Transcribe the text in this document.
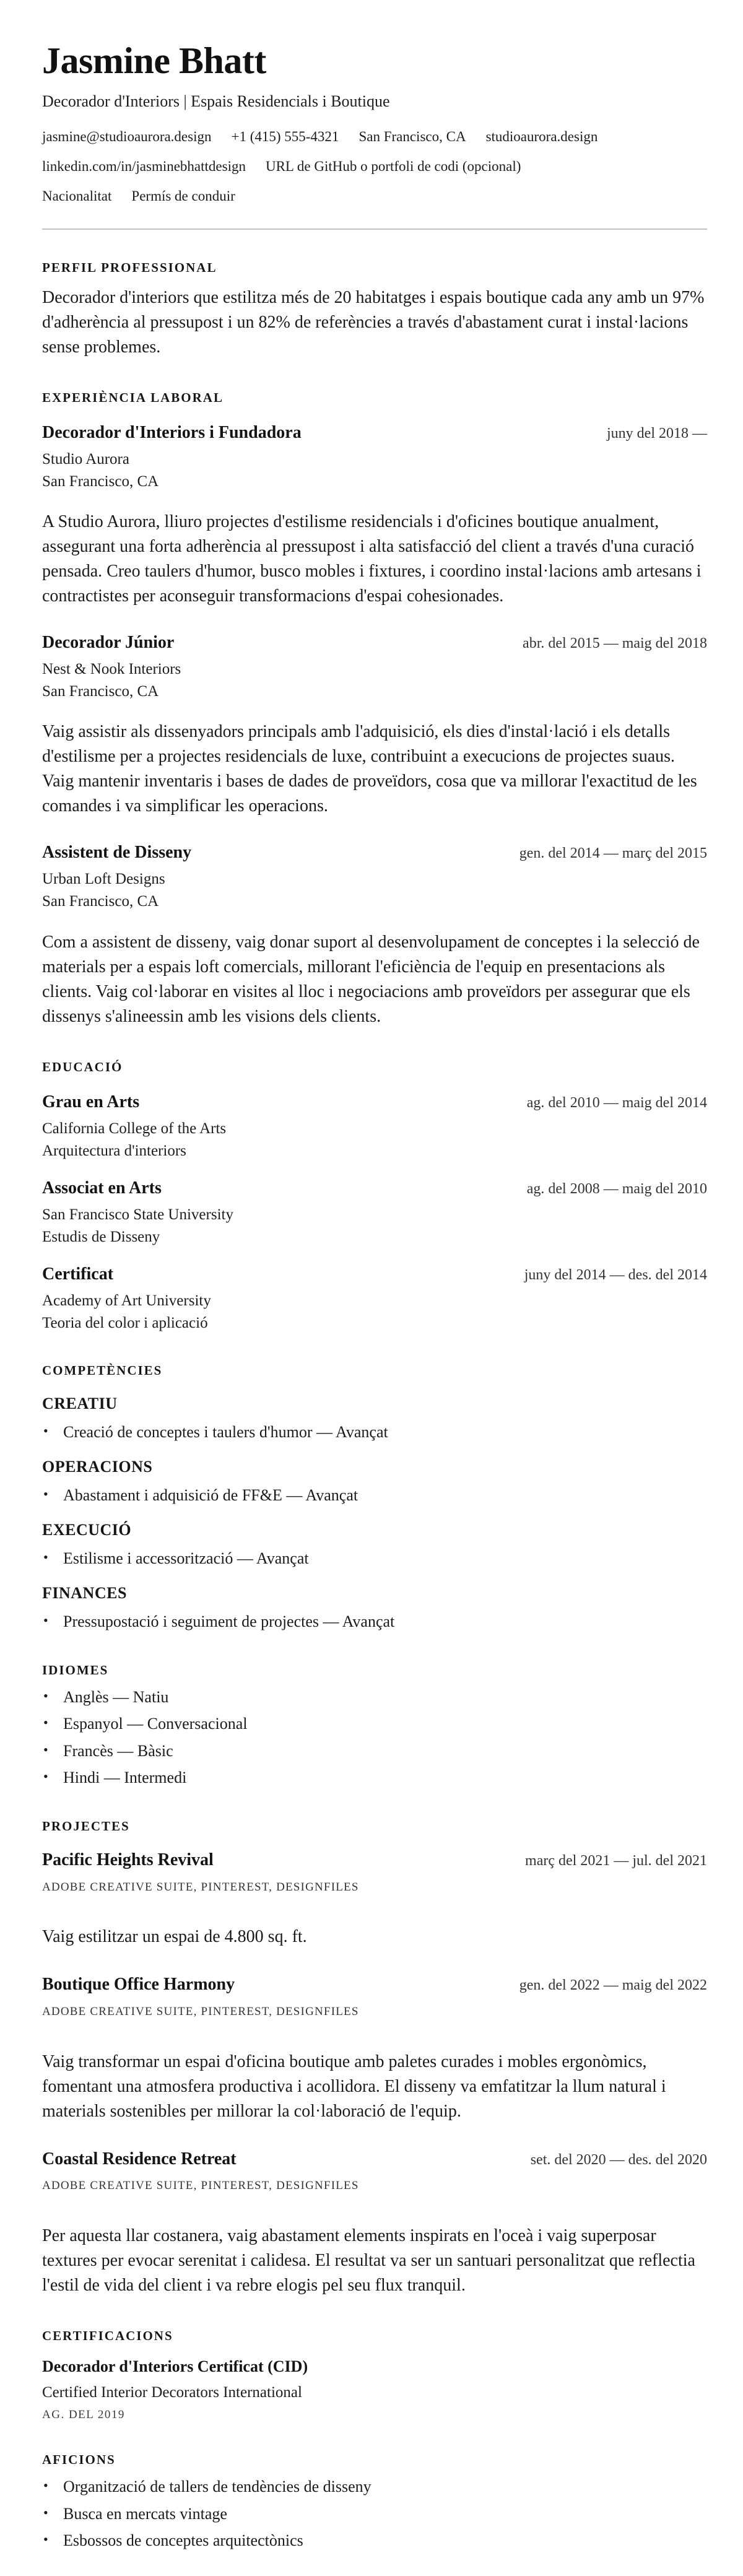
Jasmine Bhatt
Decorador d'Interiors | Espais Residencials i Boutique
jasmine@studioaurora.design +1 (415) 555-4321 San Francisco, CA studioaurora.design
linkedin.com/in/jasminebhattdesign URL de GitHub o portfoli de codi (opcional)
Nacionalitat Permís de conduir
PERFIL PROFESSIONAL

Decorador d'interiors que estilitza més de 20 habitatges i espais boutique cada any amb un 97% d'adherència al pressupost i un 82% de referències a través d'abastament curat i instal·lacions sense problemes.

EXPERIÈNCIA LABORAL
Decorador d'Interiors i Fundadora	juny del 2018 —
Studio Aurora
San Francisco, CA

A Studio Aurora, lliuro projectes d'estilisme residencials i d'oficines boutique anualment, assegurant una forta adherència al pressupost i alta satisfacció del client a través d'una curació pensada. Creo taulers d'humor, busco mobles i fixtures, i coordino instal·lacions amb artesans i contractistes per aconseguir transformacions d'espai cohesionades.

Decorador Júnior	abr. del 2015 — maig del 2018
Nest & Nook Interiors
San Francisco, CA

Vaig assistir als dissenyadors principals amb l'adquisició, els dies d'instal·lació i els detalls d'estilisme per a projectes residencials de luxe, contribuint a execucions de projectes suaus. Vaig mantenir inventaris i bases de dades de proveïdors, cosa que va millorar l'exactitud de les comandes i va simplificar les operacions.

Assistent de Disseny	gen. del 2014 — març del 2015
Urban Loft Designs
San Francisco, CA

Com a assistent de disseny, vaig donar suport al desenvolupament de conceptes i la selecció de materials per a espais loft comercials, millorant l'eficiència de l'equip en presentacions als clients. Vaig col·laborar en visites al lloc i negociacions amb proveïdors per assegurar que els dissenys s'alineessin amb les visions dels clients.

EDUCACIÓ
Grau en Arts	ag. del 2010 — maig del 2014
California College of the Arts
Arquitectura d'interiors
Associat en Arts	ag. del 2008 — maig del 2010
San Francisco State University
Estudis de Disseny
Certificat	juny del 2014 — des. del 2014
Academy of Art University
Teoria del color i aplicació
COMPETÈNCIES
CREATIU
• Creació de conceptes i taulers d'humor — Avançat
OPERACIONS
• Abastament i adquisició de FF&E — Avançat
EXECUCIÓ
• Estilisme i accessorització — Avançat
FINANCES
• Pressupostació i seguiment de projectes — Avançat
IDIOMES
• Anglès — Natiu
• Espanyol — Conversacional
• Francès — Bàsic
• Hindi — Intermedi
PROJECTES
Pacific Heights Revival	març del 2021 — jul. del 2021
ADOBE CREATIVE SUITE, PINTEREST, DESIGNFILES

Vaig estilitzar un espai de 4.800 sq. ft.

Boutique Office Harmony	gen. del 2022 — maig del 2022
ADOBE CREATIVE SUITE, PINTEREST, DESIGNFILES

Vaig transformar un espai d'oficina boutique amb paletes curades i mobles ergonòmics, fomentant una atmosfera productiva i acollidora. El disseny va emfatitzar la llum natural i materials sostenibles per millorar la col·laboració de l'equip.

Coastal Residence Retreat	set. del 2020 — des. del 2020
ADOBE CREATIVE SUITE, PINTEREST, DESIGNFILES

Per aquesta llar costanera, vaig abastament elements inspirats en l'oceà i vaig superposar textures per evocar serenitat i calidesa. El resultat va ser un santuari personalitzat que reflectia l'estil de vida del client i va rebre elogis pel seu flux tranquil.

CERTIFICACIONS
Decorador d'Interiors Certificat (CID)
Certified Interior Decorators International
AG. DEL 2019
AFICIONS
• Organització de tallers de tendències de disseny
• Busca en mercats vintage
• Esbossos de conceptes arquitectònics
